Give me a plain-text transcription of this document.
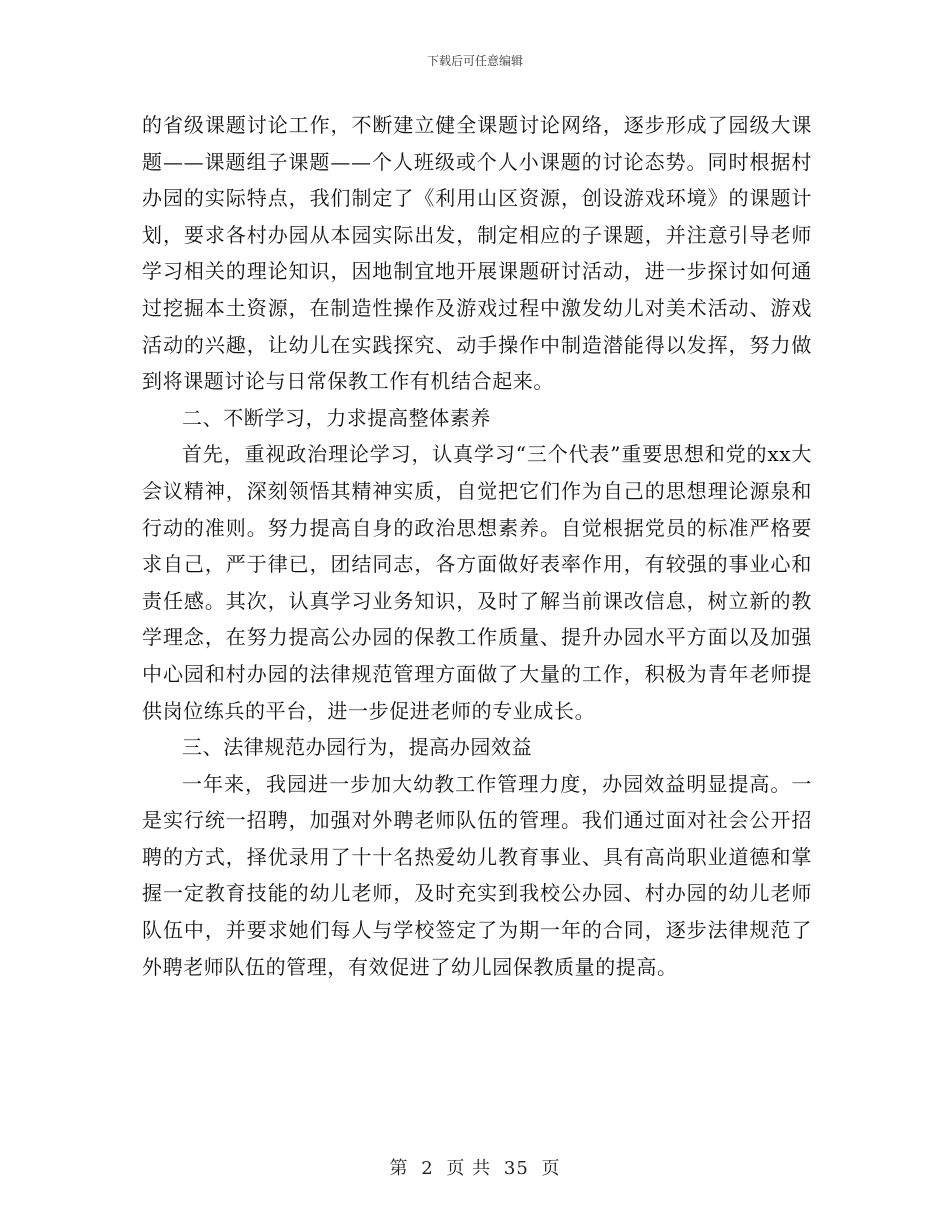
下载后可任意编辑

的省级课题讨论工作，不断建立健全课题讨论网络，逐步形成了园级大课题——课题组子课题——个人班级或个人小课题的讨论态势。同时根据村办园的实际特点，我们制定了《利用山区资源，创设游戏环境》的课题计划，要求各村办园从本园实际出发，制定相应的子课题，并注意引导老师学习相关的理论知识，因地制宜地开展课题研讨活动，进一步探讨如何通过挖掘本土资源，在制造性操作及游戏过程中激发幼儿对美术活动、游戏活动的兴趣，让幼儿在实践探究、动手操作中制造潜能得以发挥，努力做到将课题讨论与日常保教工作有机结合起来。

二、不断学习，力求提高整体素养

首先，重视政治理论学习，认真学习“三个代表”重要思想和党的xx大会议精神，深刻领悟其精神实质，自觉把它们作为自己的思想理论源泉和行动的准则。努力提高自身的政治思想素养。自觉根据党员的标准严格要求自己，严于律已，团结同志，各方面做好表率作用，有较强的事业心和责任感。其次，认真学习业务知识，及时了解当前课改信息，树立新的教学理念，在努力提高公办园的保教工作质量、提升办园水平方面以及加强中心园和村办园的法律规范管理方面做了大量的工作，积极为青年老师提供岗位练兵的平台，进一步促进老师的专业成长。

三、法律规范办园行为，提高办园效益

一年来，我园进一步加大幼教工作管理力度，办园效益明显提高。一是实行统一招聘，加强对外聘老师队伍的管理。我们通过面对社会公开招聘的方式，择优录用了十十名热爱幼儿教育事业、具有高尚职业道德和掌握一定教育技能的幼儿老师，及时充实到我校公办园、村办园的幼儿老师队伍中，并要求她们每人与学校签定了为期一年的合同，逐步法律规范了外聘老师队伍的管理，有效促进了幼儿园保教质量的提高。

第 2 页 共 35 页
